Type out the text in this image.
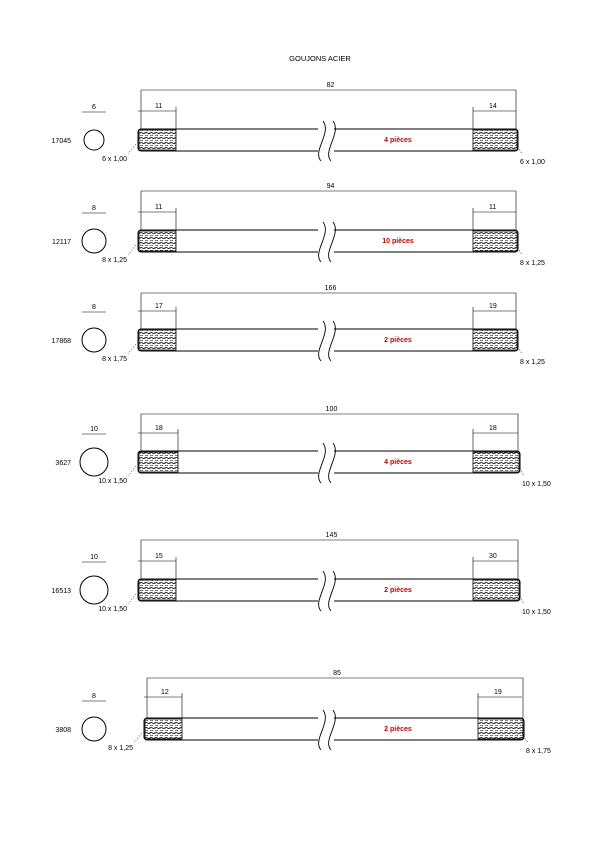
GOUJONS ACIER
17045
6
82
11	14
4 pièces
6 x 1,00	6 x 1,00
12117
8
94
11	11
10 pièces
8 x 1,25	8 x 1,25
17868
8
166
17	19
2 pièces
8 x 1,75	8 x 1,25
3627
10
100
18	18
4 pièces
10 x 1,50	10 x 1,50
16513
10
145
15	30
2 pièces
10 x 1,50	10 x 1,50
3808
8
85
12	19
2 pièces
8 x 1,25	8 x 1,75
